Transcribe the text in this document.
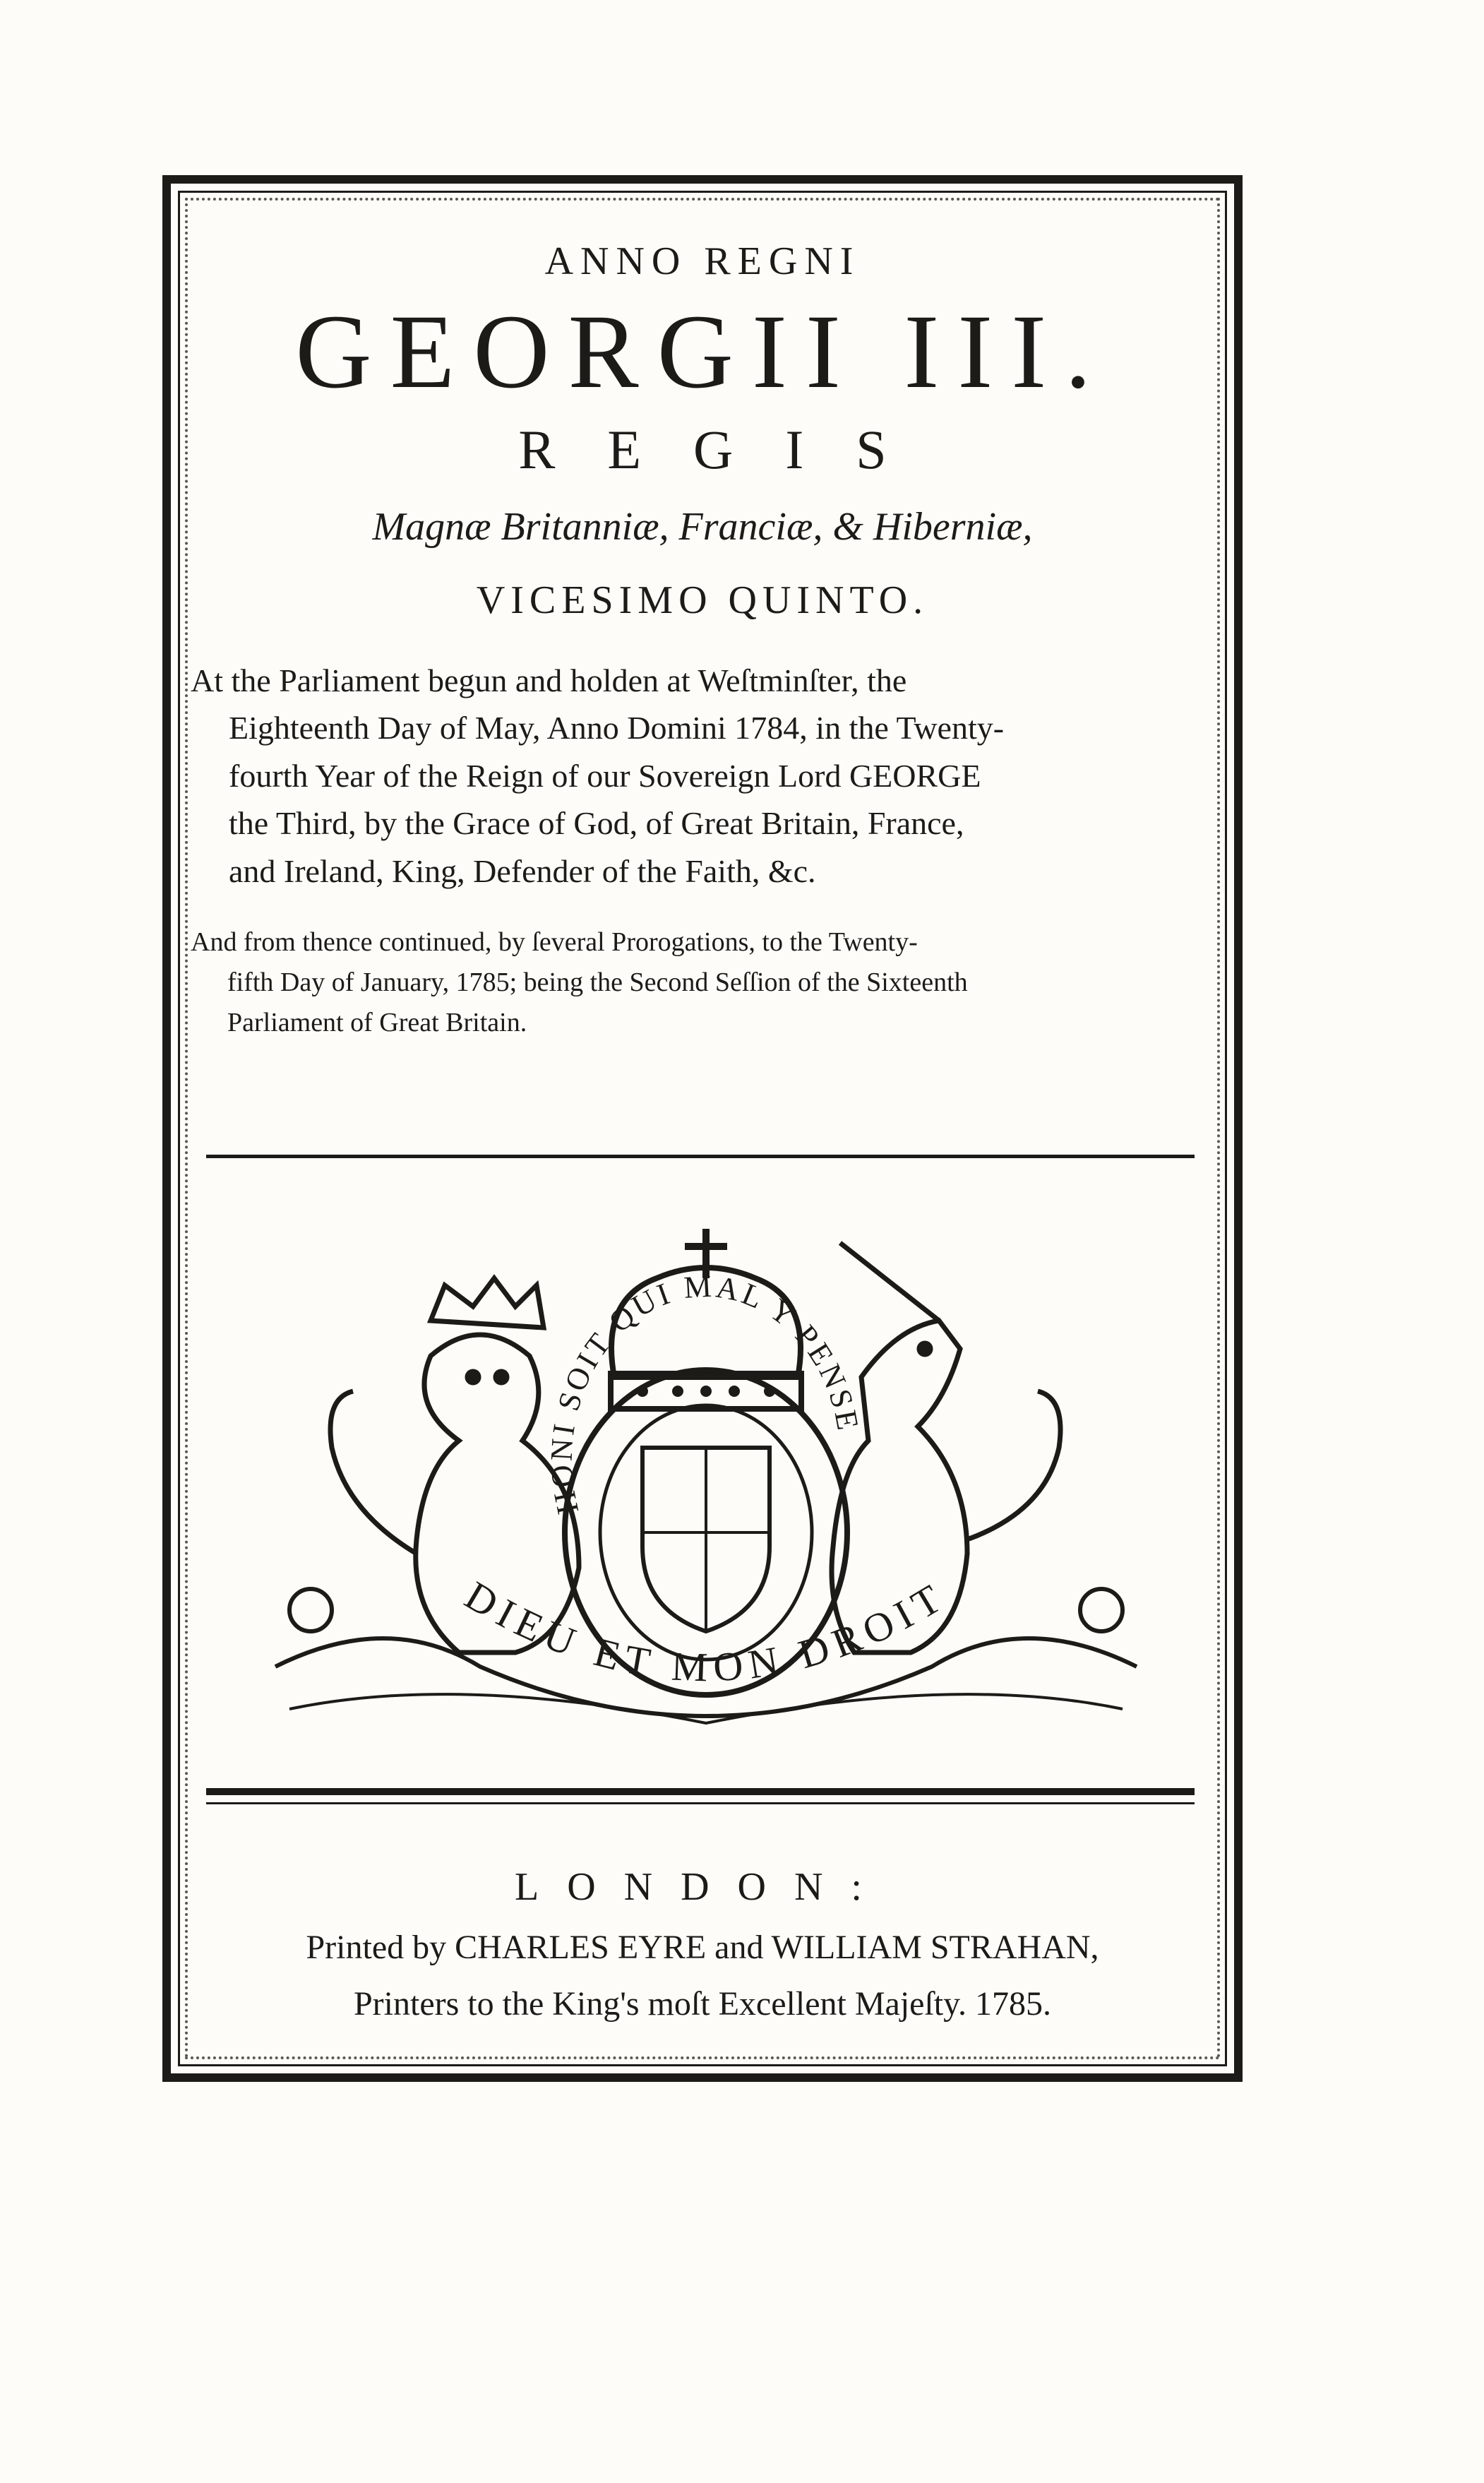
ANNO REGNI
GEORGII III.
REGIS
Magnæ Britanniæ, Franciæ, & Hiberniæ,
VICESIMO QUINTO.
At the Parliament begun and holden at Weſtminſter, the
Eighteenth Day of May, Anno Domini 1784, in the Twenty-
fourth Year of the Reign of our Sovereign Lord GEORGE
the Third, by the Grace of God, of Great Britain, France,
and Ireland, King, Defender of the Faith, &c.
And from thence continued, by ſeveral Prorogations, to the Twenty-
fifth Day of January, 1785; being the Second Seſſion of the Sixteenth
Parliament of Great Britain.
HONI SOIT QUI MAL Y PENSE
DIEU ET MON DROIT
LONDON:
Printed by CHARLES EYRE and WILLIAM STRAHAN,
Printers to the King's moſt Excellent Majeſty. 1785.
